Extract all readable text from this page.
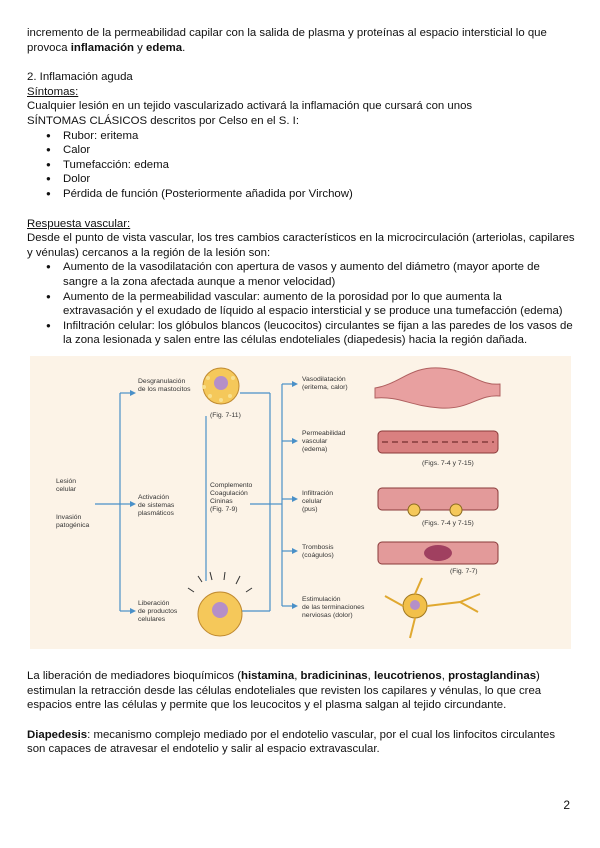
incremento de la permeabilidad capilar con la salida de plasma y proteínas al espacio intersticial lo que

provoca inflamación y edema.

2. Inflamación aguda

Síntomas:

Cualquier lesión en un tejido vascularizado activará la inflamación que cursará con unos SÍNTOMAS CLÁSICOS descritos por Celso en el S. I:

● Rubor: eritema
● Calor
● Tumefacción: edema
● Dolor
● Pérdida de función (Posteriormente añadida por Virchow)

Respuesta vascular:

Desde el punto de vista vascular, los tres cambios característicos en la microcirculación (arteriolas, capilares y vénulas) cercanos a la región de la lesión son:

● Aumento de la vasodilatación con apertura de vasos y aumento del diámetro (mayor aporte de sangre a la zona afectada aunque a menor velocidad)
● Aumento de la permeabilidad vascular: aumento de la porosidad por lo que aumenta la extravasación y el exudado de líquido al espacio intersticial y se produce una tumefacción (edema)
● Infiltración celular: los glóbulos blancos (leucocitos) circulantes se fijan a las paredes de los vasos de la zona lesionada y salen entre las células endoteliales (diapedesis) hacia la región dañada.
Lesión
celular
Invasión
patogénica
Desgranulación
de los mastocitos
(Fig. 7-11)
Activación
de sistemas
plasmáticos
Complemento
Coagulación
Cininas
(Fig. 7-9)
Liberación
de productos
celulares
Vasodilatación
(eritema, calor)
Permeabilidad
vascular
(edema)
(Figs. 7-4 y 7-15)
Infiltración
celular
(pus)
(Figs. 7-4 y 7-15)
Trombosis
(coágulos)
(Fig. 7-7)
Estimulación
de las terminaciones
nerviosas (dolor)

La liberación de mediadores bioquímicos (histamina, bradicininas, leucotrienos, prostaglandinas) estimulan la retracción desde las células endoteliales que revisten los capilares y vénulas, lo que crea espacios entre las células y permite que los leucocitos y el plasma salgan al tejido circundante.

Diapedesis: mecanismo complejo mediado por el endotelio vascular, por el cual los linfocitos circulantes son capaces de atravesar el endotelio y salir al espacio extravascular.

2
